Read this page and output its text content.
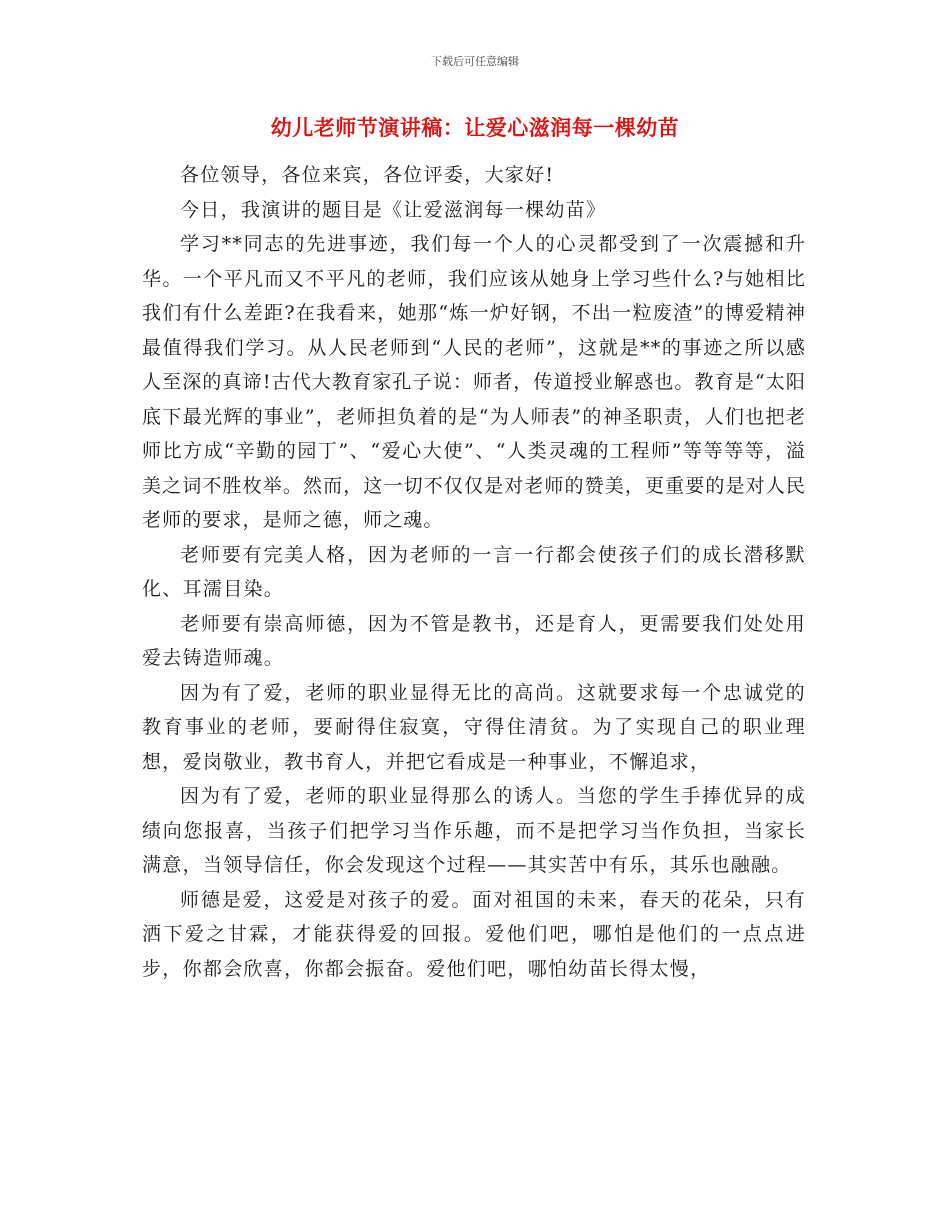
下载后可任意编辑
幼儿老师节演讲稿：让爱心滋润每一棵幼苗

各位领导，各位来宾，各位评委，大家好!

今日，我演讲的题目是《让爱滋润每一棵幼苗》

学习**同志的先进事迹，我们每一个人的心灵都受到了一次震撼和升华。一个平凡而又不平凡的老师，我们应该从她身上学习些什么?与她相比我们有什么差距?在我看来，她那“炼一炉好钢，不出一粒废渣”的博爱精神最值得我们学习。从人民老师到“人民的老师”，这就是**的事迹之所以感人至深的真谛!古代大教育家孔子说：师者，传道授业解惑也。教育是“太阳底下最光辉的事业”，老师担负着的是“为人师表”的神圣职责，人们也把老师比方成“辛勤的园丁”、“爱心大使”、“人类灵魂的工程师”等等等等，溢美之词不胜枚举。然而，这一切不仅仅是对老师的赞美，更重要的是对人民老师的要求，是师之德，师之魂。

老师要有完美人格，因为老师的一言一行都会使孩子们的成长潜移默化、耳濡目染。

老师要有崇高师德，因为不管是教书，还是育人，更需要我们处处用爱去铸造师魂。

因为有了爱，老师的职业显得无比的高尚。这就要求每一个忠诚党的教育事业的老师，要耐得住寂寞，守得住清贫。为了实现自己的职业理想，爱岗敬业，教书育人，并把它看成是一种事业，不懈追求，

因为有了爱，老师的职业显得那么的诱人。当您的学生手捧优异的成绩向您报喜，当孩子们把学习当作乐趣，而不是把学习当作负担，当家长满意，当领导信任，你会发现这个过程——其实苦中有乐，其乐也融融。

师德是爱，这爱是对孩子的爱。面对祖国的未来，春天的花朵，只有洒下爱之甘霖，才能获得爱的回报。爱他们吧，哪怕是他们的一点点进步，你都会欣喜，你都会振奋。爱他们吧，哪怕幼苗长得太慢，
